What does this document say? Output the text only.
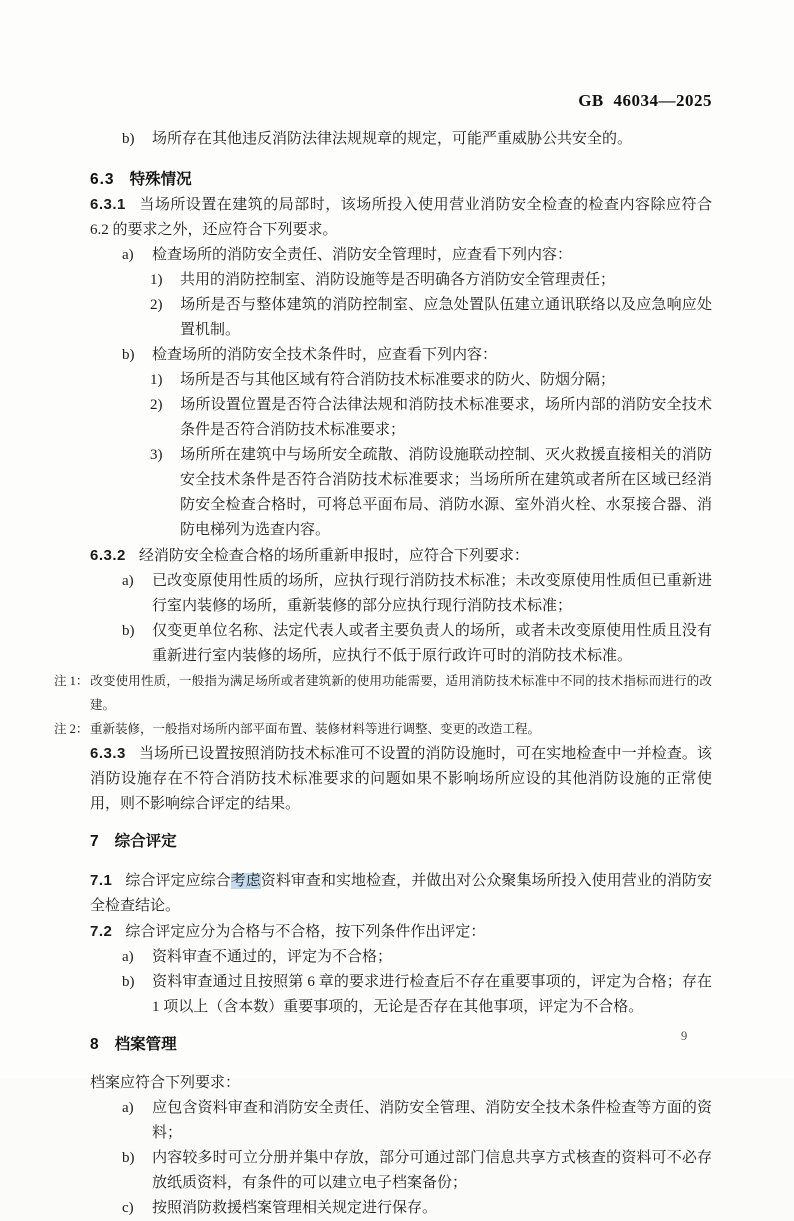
GB 46034—2025

b) 场所存在其他违反消防法律法规规章的规定，可能严重威胁公共安全的。

6.3 特殊情况

6.3.1 当场所设置在建筑的局部时，该场所投入使用营业消防安全检查的检查内容除应符合 6.2 的要求之外，还应符合下列要求。

a) 检查场所的消防安全责任、消防安全管理时，应查看下列内容：

1) 共用的消防控制室、消防设施等是否明确各方消防安全管理责任；

2) 场所是否与整体建筑的消防控制室、应急处置队伍建立通讯联络以及应急响应处置机制。

b) 检查场所的消防安全技术条件时，应查看下列内容：

1) 场所是否与其他区域有符合消防技术标准要求的防火、防烟分隔；

2) 场所设置位置是否符合法律法规和消防技术标准要求，场所内部的消防安全技术条件是否符合消防技术标准要求；

3) 场所所在建筑中与场所安全疏散、消防设施联动控制、灭火救援直接相关的消防安全技术条件是否符合消防技术标准要求；当场所所在建筑或者所在区域已经消防安全检查合格时，可将总平面布局、消防水源、室外消火栓、水泵接合器、消防电梯列为选查内容。

6.3.2 经消防安全检查合格的场所重新申报时，应符合下列要求：

a) 已改变原使用性质的场所，应执行现行消防技术标准；未改变原使用性质但已重新进行室内装修的场所，重新装修的部分应执行现行消防技术标准；

b) 仅变更单位名称、法定代表人或者主要负责人的场所，或者未改变原使用性质且没有重新进行室内装修的场所，应执行不低于原行政许可时的消防技术标准。

注 1： 改变使用性质，一般指为满足场所或者建筑新的使用功能需要，适用消防技术标准中不同的技术指标而进行的改建。

注 2： 重新装修，一般指对场所内部平面布置、装修材料等进行调整、变更的改造工程。

6.3.3 当场所已设置按照消防技术标准可不设置的消防设施时，可在实地检查中一并检查。该消防设施存在不符合消防技术标准要求的问题如果不影响场所应设的其他消防设施的正常使用，则不影响综合评定的结果。

7 综合评定

7.1 综合评定应综合考虑资料审查和实地检查，并做出对公众聚集场所投入使用营业的消防安全检查结论。

7.2 综合评定应分为合格与不合格，按下列条件作出评定：

a) 资料审查不通过的，评定为不合格；

b) 资料审查通过且按照第 6 章的要求进行检查后不存在重要事项的，评定为合格；存在 1 项以上（含本数）重要事项的，无论是否存在其他事项，评定为不合格。

8 档案管理

档案应符合下列要求：

a) 应包含资料审查和消防安全责任、消防安全管理、消防安全技术条件检查等方面的资料；

b) 内容较多时可立分册并集中存放，部分可通过部门信息共享方式核查的资料可不必存放纸质资料，有条件的可以建立电子档案备份；

c) 按照消防救援档案管理相关规定进行保存。

9
